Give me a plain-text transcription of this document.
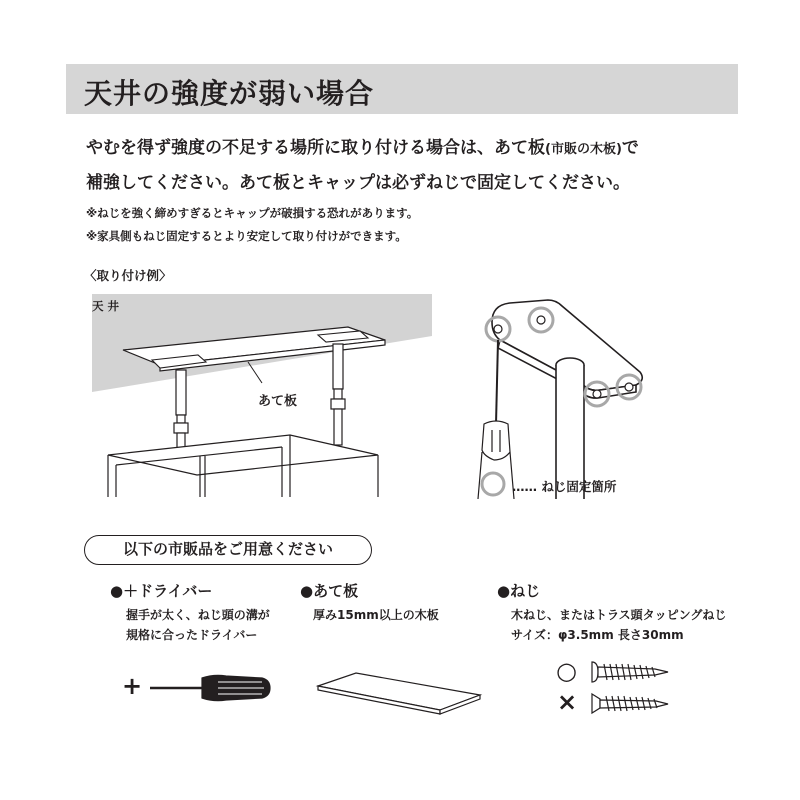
天井の強度が弱い場合
やむを得ず強度の不足する場所に取り付ける場合は、あて板(市販の木板)で
補強してください。あて板とキャップは必ずねじで固定してください。
※ねじを強く締めすぎるとキャップが破損する恐れがあります。
※家具側もねじ固定するとより安定して取り付けができます。
〈取り付け例〉
天 井
あて板
…… ねじ固定箇所
以下の市販品をご用意ください
●＋ドライバー
握手が太く、ねじ頭の溝が
規格に合ったドライバー
●あて板
厚み15mm以上の木板
●ねじ
木ねじ、またはトラス頭タッピングねじ
サイズ：φ3.5mm 長さ30mm
+
○
×
